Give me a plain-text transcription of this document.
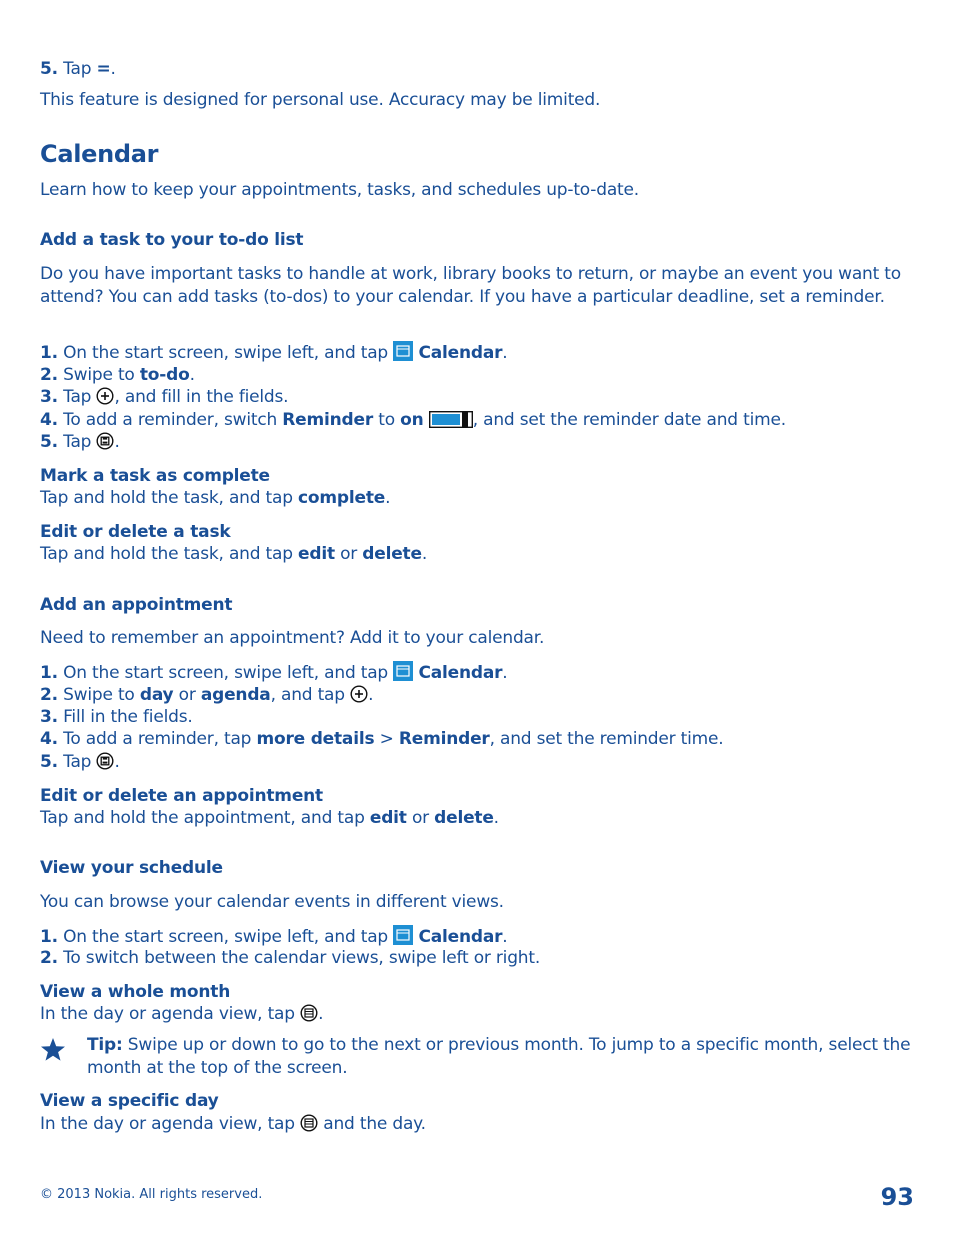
5. Tap =.
This feature is designed for personal use. Accuracy may be limited.
Calendar
Learn how to keep your appointments, tasks, and schedules up-to-date.
Add a task to your to-do list
Do you have important tasks to handle at work, library books to return, or maybe an event you want to attend? You can add tasks (to-dos) to your calendar. If you have a particular deadline, set a reminder.
1. On the start screen, swipe left, and tap  Calendar.
2. Swipe to to-do.
3. Tap , and fill in the fields.
4. To add a reminder, switch Reminder to on	, and set the reminder date and time.
5. Tap .
Mark a task as complete
Tap and hold the task, and tap complete.
Edit or delete a task
Tap and hold the task, and tap edit or delete.
Add an appointment
Need to remember an appointment? Add it to your calendar.
1. On the start screen, swipe left, and tap  Calendar.
2. Swipe to day or agenda, and tap .
3. Fill in the fields.
4. To add a reminder, tap more details > Reminder, and set the reminder time.
5. Tap .
Edit or delete an appointment
Tap and hold the appointment, and tap edit or delete.
View your schedule
You can browse your calendar events in different views.
1. On the start screen, swipe left, and tap  Calendar.
2. To switch between the calendar views, swipe left or right.
View a whole month
In the day or agenda view, tap .
Tip: Swipe up or down to go to the next or previous month. To jump to a specific month, select the month at the top of the screen.
View a specific day
In the day or agenda view, tap  and the day.
© 2013 Nokia. All rights reserved.	93
